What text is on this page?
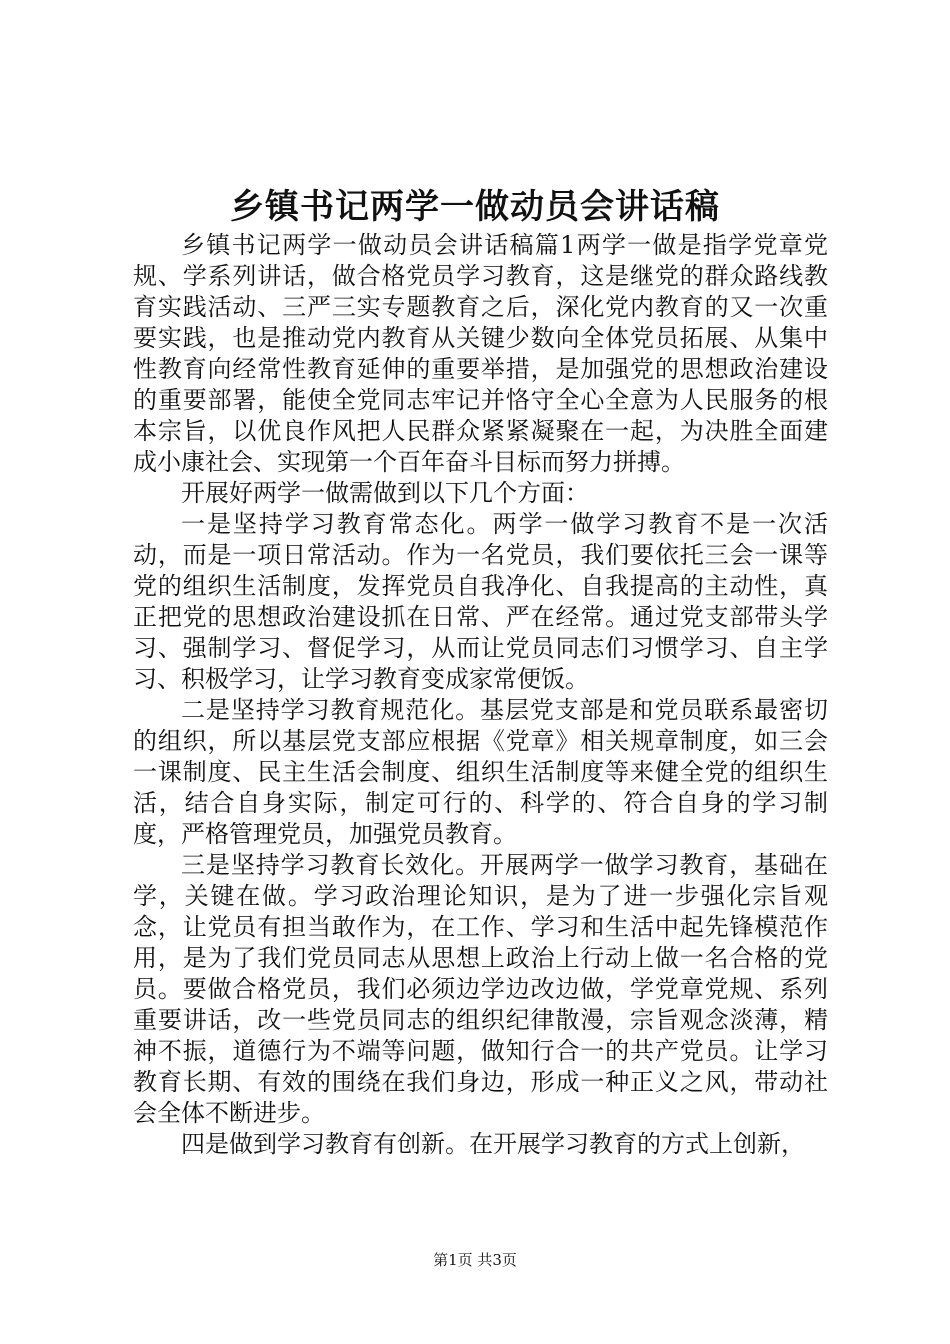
乡镇书记两学一做动员会讲话稿

乡镇书记两学一做动员会讲话稿篇1两学一做是指学党章党规、学系列讲话，做合格党员学习教育，这是继党的群众路线教育实践活动、三严三实专题教育之后，深化党内教育的又一次重要实践，也是推动党内教育从关键少数向全体党员拓展、从集中性教育向经常性教育延伸的重要举措，是加强党的思想政治建设的重要部署，能使全党同志牢记并恪守全心全意为人民服务的根本宗旨，以优良作风把人民群众紧紧凝聚在一起，为决胜全面建成小康社会、实现第一个百年奋斗目标而努力拼搏。

开展好两学一做需做到以下几个方面：

一是坚持学习教育常态化。两学一做学习教育不是一次活动，而是一项日常活动。作为一名党员，我们要依托三会一课等党的组织生活制度，发挥党员自我净化、自我提高的主动性，真正把党的思想政治建设抓在日常、严在经常。通过党支部带头学习、强制学习、督促学习，从而让党员同志们习惯学习、自主学习、积极学习，让学习教育变成家常便饭。

二是坚持学习教育规范化。基层党支部是和党员联系最密切的组织，所以基层党支部应根据《党章》相关规章制度，如三会一课制度、民主生活会制度、组织生活制度等来健全党的组织生活，结合自身实际，制定可行的、科学的、符合自身的学习制度，严格管理党员，加强党员教育。

三是坚持学习教育长效化。开展两学一做学习教育，基础在学，关键在做。学习政治理论知识，是为了进一步强化宗旨观念，让党员有担当敢作为，在工作、学习和生活中起先锋模范作用，是为了我们党员同志从思想上政治上行动上做一名合格的党员。要做合格党员，我们必须边学边改边做，学党章党规、系列重要讲话，改一些党员同志的组织纪律散漫，宗旨观念淡薄，精神不振，道德行为不端等问题，做知行合一的共产党员。让学习教育长期、有效的围绕在我们身边，形成一种正义之风，带动社会全体不断进步。

四是做到学习教育有创新。在开展学习教育的方式上创新，

第1页 共3页
